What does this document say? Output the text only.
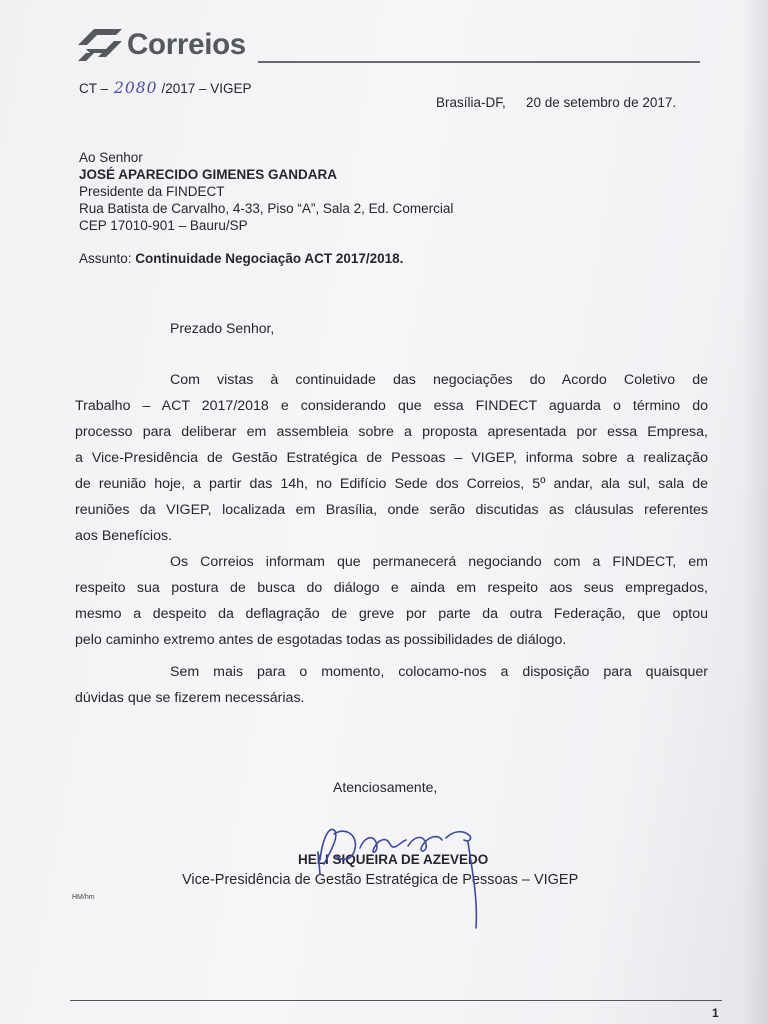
Correios
CT – 2080 /2017 – VIGEP
Brasília-DF, 20 de setembro de 2017.
Ao Senhor
JOSÉ APARECIDO GIMENES GANDARA
Presidente da FINDECT
Rua Batista de Carvalho, 4-33, Piso “A”, Sala 2, Ed. Comercial
CEP 17010-901 – Bauru/SP
Assunto: Continuidade Negociação ACT 2017/2018.
Prezado Senhor,
Com vistas à continuidade das negociações do Acordo Coletivo de
Trabalho – ACT 2017/2018 e considerando que essa FINDECT aguarda o término do
processo para deliberar em assembleia sobre a proposta apresentada por essa Empresa,
a Vice-Presidência de Gestão Estratégica de Pessoas – VIGEP, informa sobre a realização
de reunião hoje, a partir das 14h, no Edifício Sede dos Correios, 5º andar, ala sul, sala de
reuniões da VIGEP, localizada em Brasília, onde serão discutidas as cláusulas referentes
aos Benefícios.
Os Correios informam que permanecerá negociando com a FINDECT, em
respeito sua postura de busca do diálogo e ainda em respeito aos seus empregados,
mesmo a despeito da deflagração de greve por parte da outra Federação, que optou
pelo caminho extremo antes de esgotadas todas as possibilidades de diálogo.
Sem mais para o momento, colocamo-nos a disposição para quaisquer
dúvidas que se fizerem necessárias.
Atenciosamente,
HELI SIQUEIRA DE AZEVEDO
Vice-Presidência de Gestão Estratégica de Pessoas – VIGEP
HM/hm
1
